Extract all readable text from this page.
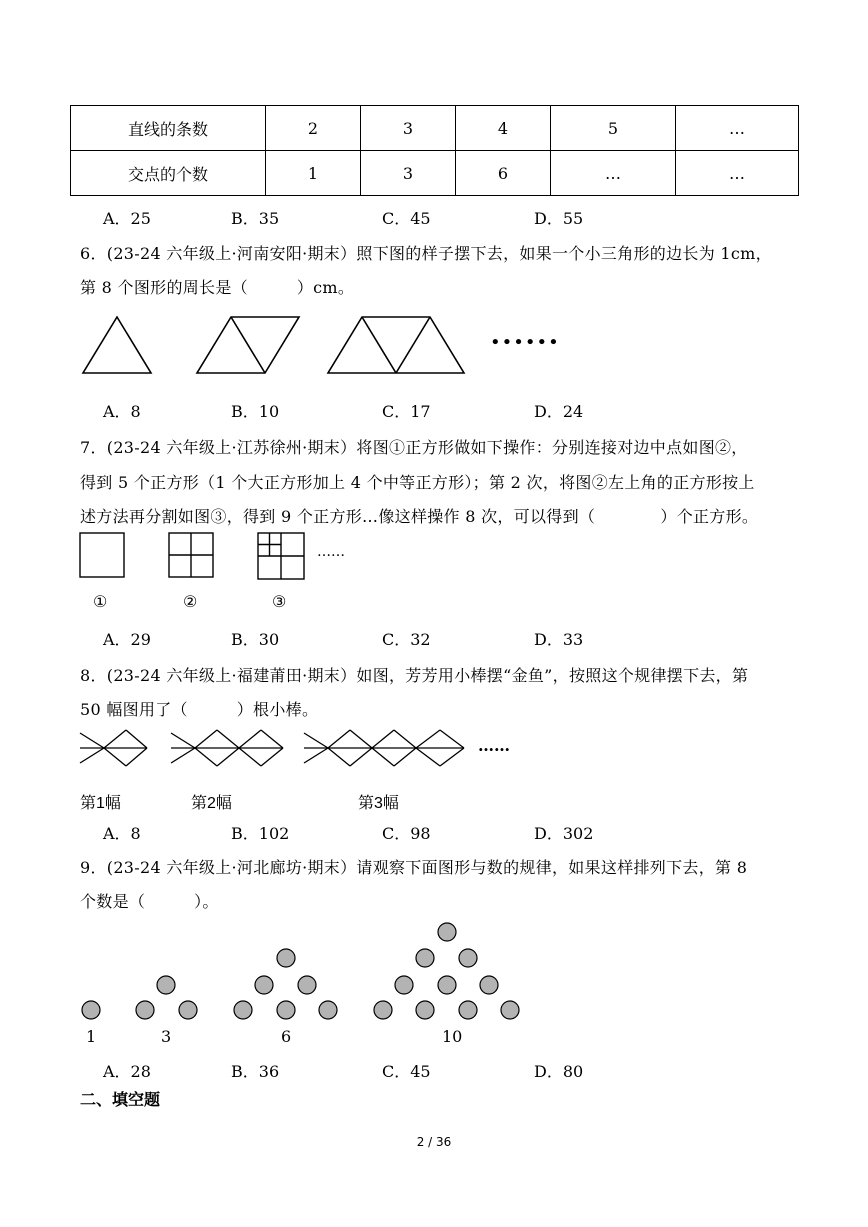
直线的条数	2	3	4	5	…
交点的个数	1	3	6	…	…
A．25	B．35	C．45	D．55
6．(23-24 六年级上·河南安阳·期末）照下图的样子摆下去，如果一个小三角形的边长为 1cm，
第 8 个图形的周长是（　　　）cm。
••••••
A．8	B．10	C．17	D．24
7．(23-24 六年级上·江苏徐州·期末）将图①正方形做如下操作：分别连接对边中点如图②，
得到 5 个正方形（1 个大正方形加上 4 个中等正方形）；第 2 次，将图②左上角的正方形按上
述方法再分割如图③，得到 9 个正方形…像这样操作 8 次，可以得到（　　　　）个正方形。
……
①	②	③
A．29	B．30	C．32	D．33
8．(23-24 六年级上·福建莆田·期末）如图，芳芳用小棒摆“金鱼”，按照这个规律摆下去，第
50 幅图用了（　　　）根小棒。
……
第1幅	第2幅	第3幅
A．8	B．102	C．98	D．302
9．(23-24 六年级上·河北廊坊·期末）请观察下面图形与数的规律，如果这样排列下去，第 8
个数是（　　　）。
1	3	6	10
A．28	B．36	C．45	D．80
二、填空题
2 / 36
